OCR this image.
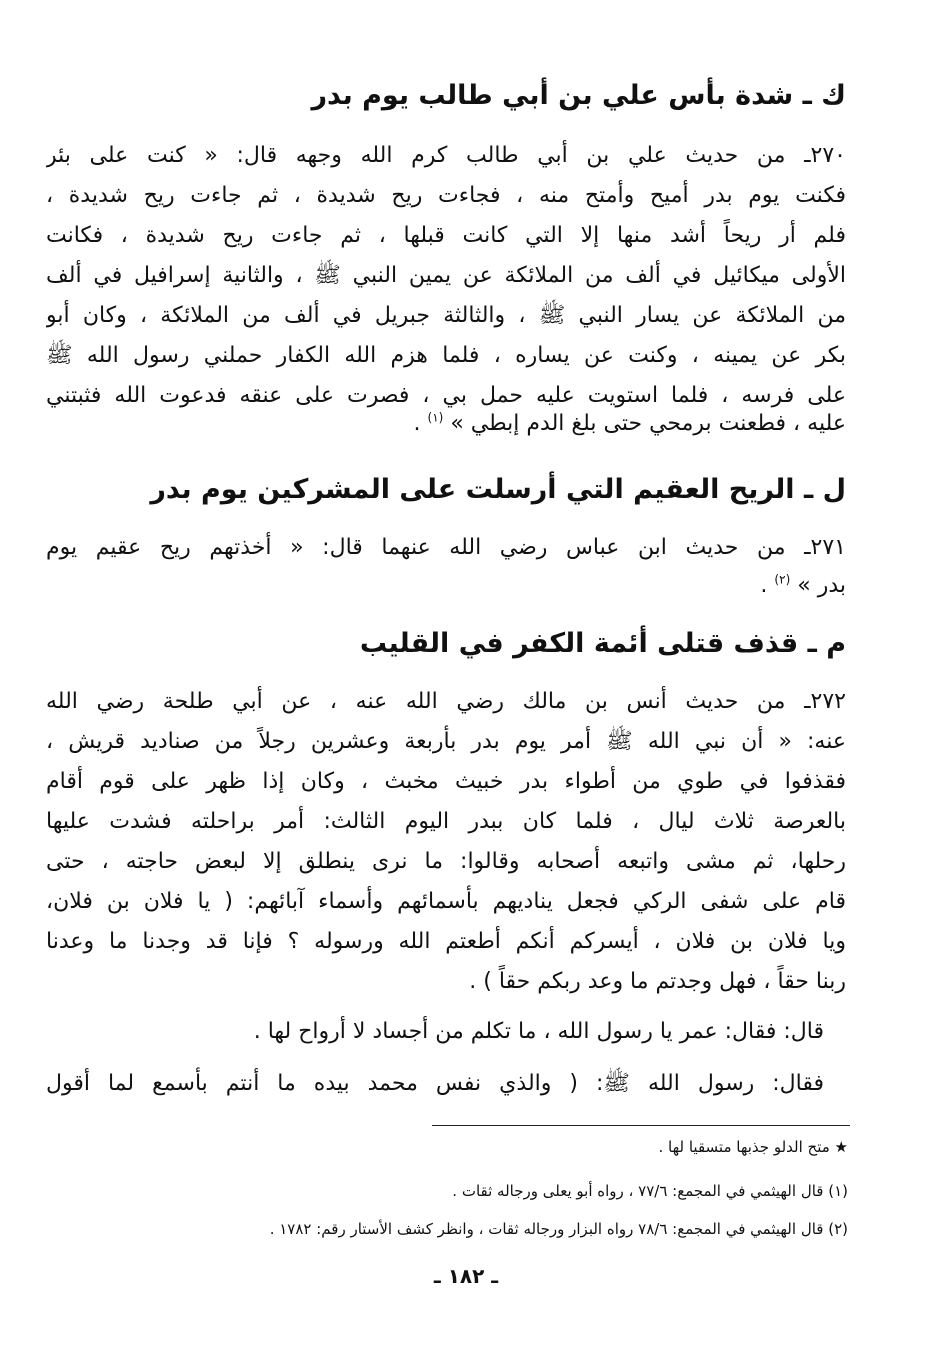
ك ـ شدة بأس علي بن أبي طالب يوم بدر
٢٧٠ـ من حديث علي بن أبي طالب كرم الله وجهه قال: « كنت على بئر
فكنت يوم بدر أميح وأمتح منه ، فجاءت ريح شديدة ، ثم جاءت ريح شديدة ،
فلم أر ريحاً أشد منها إلا التي كانت قبلها ، ثم جاءت ريح شديدة ، فكانت
الأولى ميكائيل في ألف من الملائكة عن يمين النبي ﷺ ، والثانية إسرافيل في ألف
من الملائكة عن يسار النبي ﷺ ، والثالثة جبريل في ألف من الملائكة ، وكان أبو
بكر عن يمينه ، وكنت عن يساره ، فلما هزم الله الكفار حملني رسول الله ﷺ
على فرسه ، فلما استويت عليه حمل بي ، فصرت على عنقه فدعوت الله فثبتني
عليه ، فطعنت برمحي حتى بلغ الدم إبطي » $^{(١)}$ .
ل ـ الريح العقيم التي أرسلت على المشركين يوم بدر
٢٧١ـ من حديث ابن عباس رضي الله عنهما قال: « أخذتهم ريح عقيم يوم
بدر » $^{(٢)}$ .
م ـ قذف قتلى أئمة الكفر في القليب
٢٧٢ـ من حديث أنس بن مالك رضي الله عنه ، عن أبي طلحة رضي الله
عنه: « أن نبي الله ﷺ أمر يوم بدر بأربعة وعشرين رجلاً من صناديد قريش ،
فقذفوا في طوي من أطواء بدر خبيث مخبث ، وكان إذا ظهر على قوم أقام
بالعرصة ثلاث ليال ، فلما كان ببدر اليوم الثالث: أمر براحلته فشدت عليها
رحلها، ثم مشى واتبعه أصحابه وقالوا: ما نرى ينطلق إلا لبعض حاجته ، حتى
قام على شفى الركي فجعل يناديهم بأسمائهم وأسماء آبائهم: ( يا فلان بن فلان،
ويا فلان بن فلان ، أيسركم أنكم أطعتم الله ورسوله ؟ فإنا قد وجدنا ما وعدنا
ربنا حقاً ، فهل وجدتم ما وعد ربكم حقاً ) .
قال: فقال: عمر يا رسول الله ، ما تكلم من أجساد لا أرواح لها .
فقال: رسول الله ﷺ: ( والذي نفس محمد بيده ما أنتم بأسمع لما أقول
★ متح الدلو جذبها متسقيا لها .
(١) قال الهيثمي في المجمع: ٧٧/٦ ، رواه أبو يعلى ورجاله ثقات .
(٢) قال الهيثمي في المجمع: ٧٨/٦ رواه البزار ورجاله ثقات ، وانظر كشف الأستار رقم: ١٧٨٢ .
ـ ١٨٢ ـ
